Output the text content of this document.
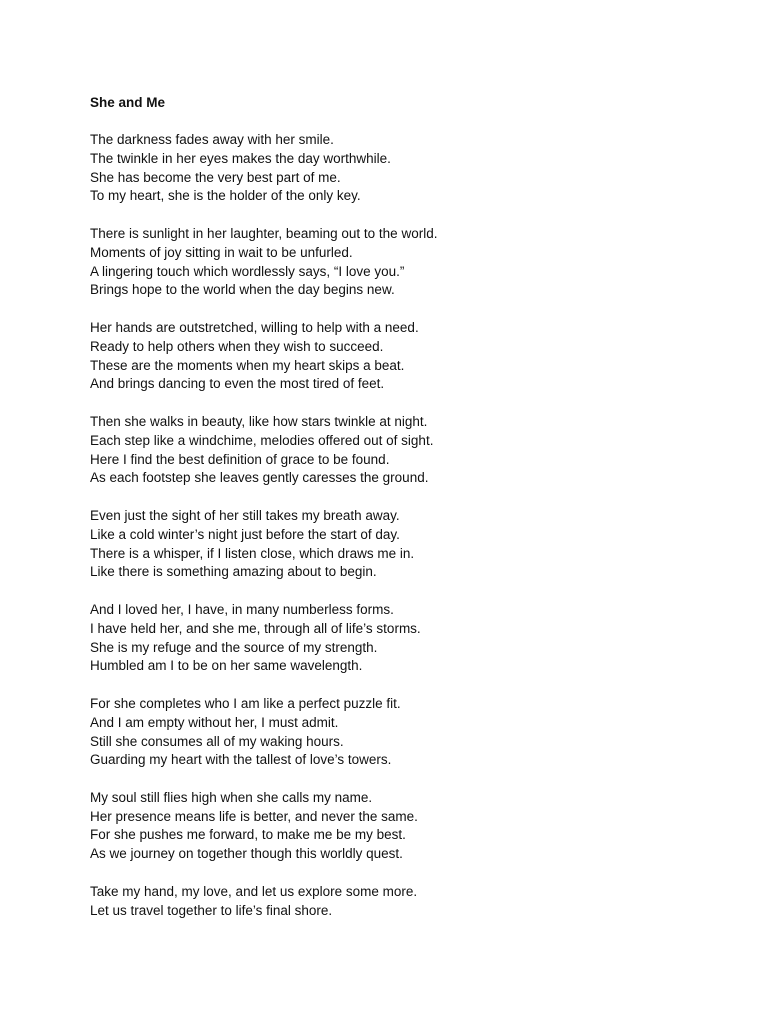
She and Me
The darkness fades away with her smile.
The twinkle in her eyes makes the day worthwhile.
She has become the very best part of me.
To my heart, she is the holder of the only key.
There is sunlight in her laughter, beaming out to the world.
Moments of joy sitting in wait to be unfurled.
A lingering touch which wordlessly says, “I love you.”
Brings hope to the world when the day begins new.
Her hands are outstretched, willing to help with a need.
Ready to help others when they wish to succeed.
These are the moments when my heart skips a beat.
And brings dancing to even the most tired of feet.
Then she walks in beauty, like how stars twinkle at night.
Each step like a windchime, melodies offered out of sight.
Here I find the best definition of grace to be found.
As each footstep she leaves gently caresses the ground.
Even just the sight of her still takes my breath away.
Like a cold winter’s night just before the start of day.
There is a whisper, if I listen close, which draws me in.
Like there is something amazing about to begin.
And I loved her, I have, in many numberless forms.
I have held her, and she me, through all of life’s storms.
She is my refuge and the source of my strength.
Humbled am I to be on her same wavelength.
For she completes who I am like a perfect puzzle fit.
And I am empty without her, I must admit.
Still she consumes all of my waking hours.
Guarding my heart with the tallest of love’s towers.
My soul still flies high when she calls my name.
Her presence means life is better, and never the same.
For she pushes me forward, to make me be my best.
As we journey on together though this worldly quest.
Take my hand, my love, and let us explore some more.
Let us travel together to life’s final shore.
